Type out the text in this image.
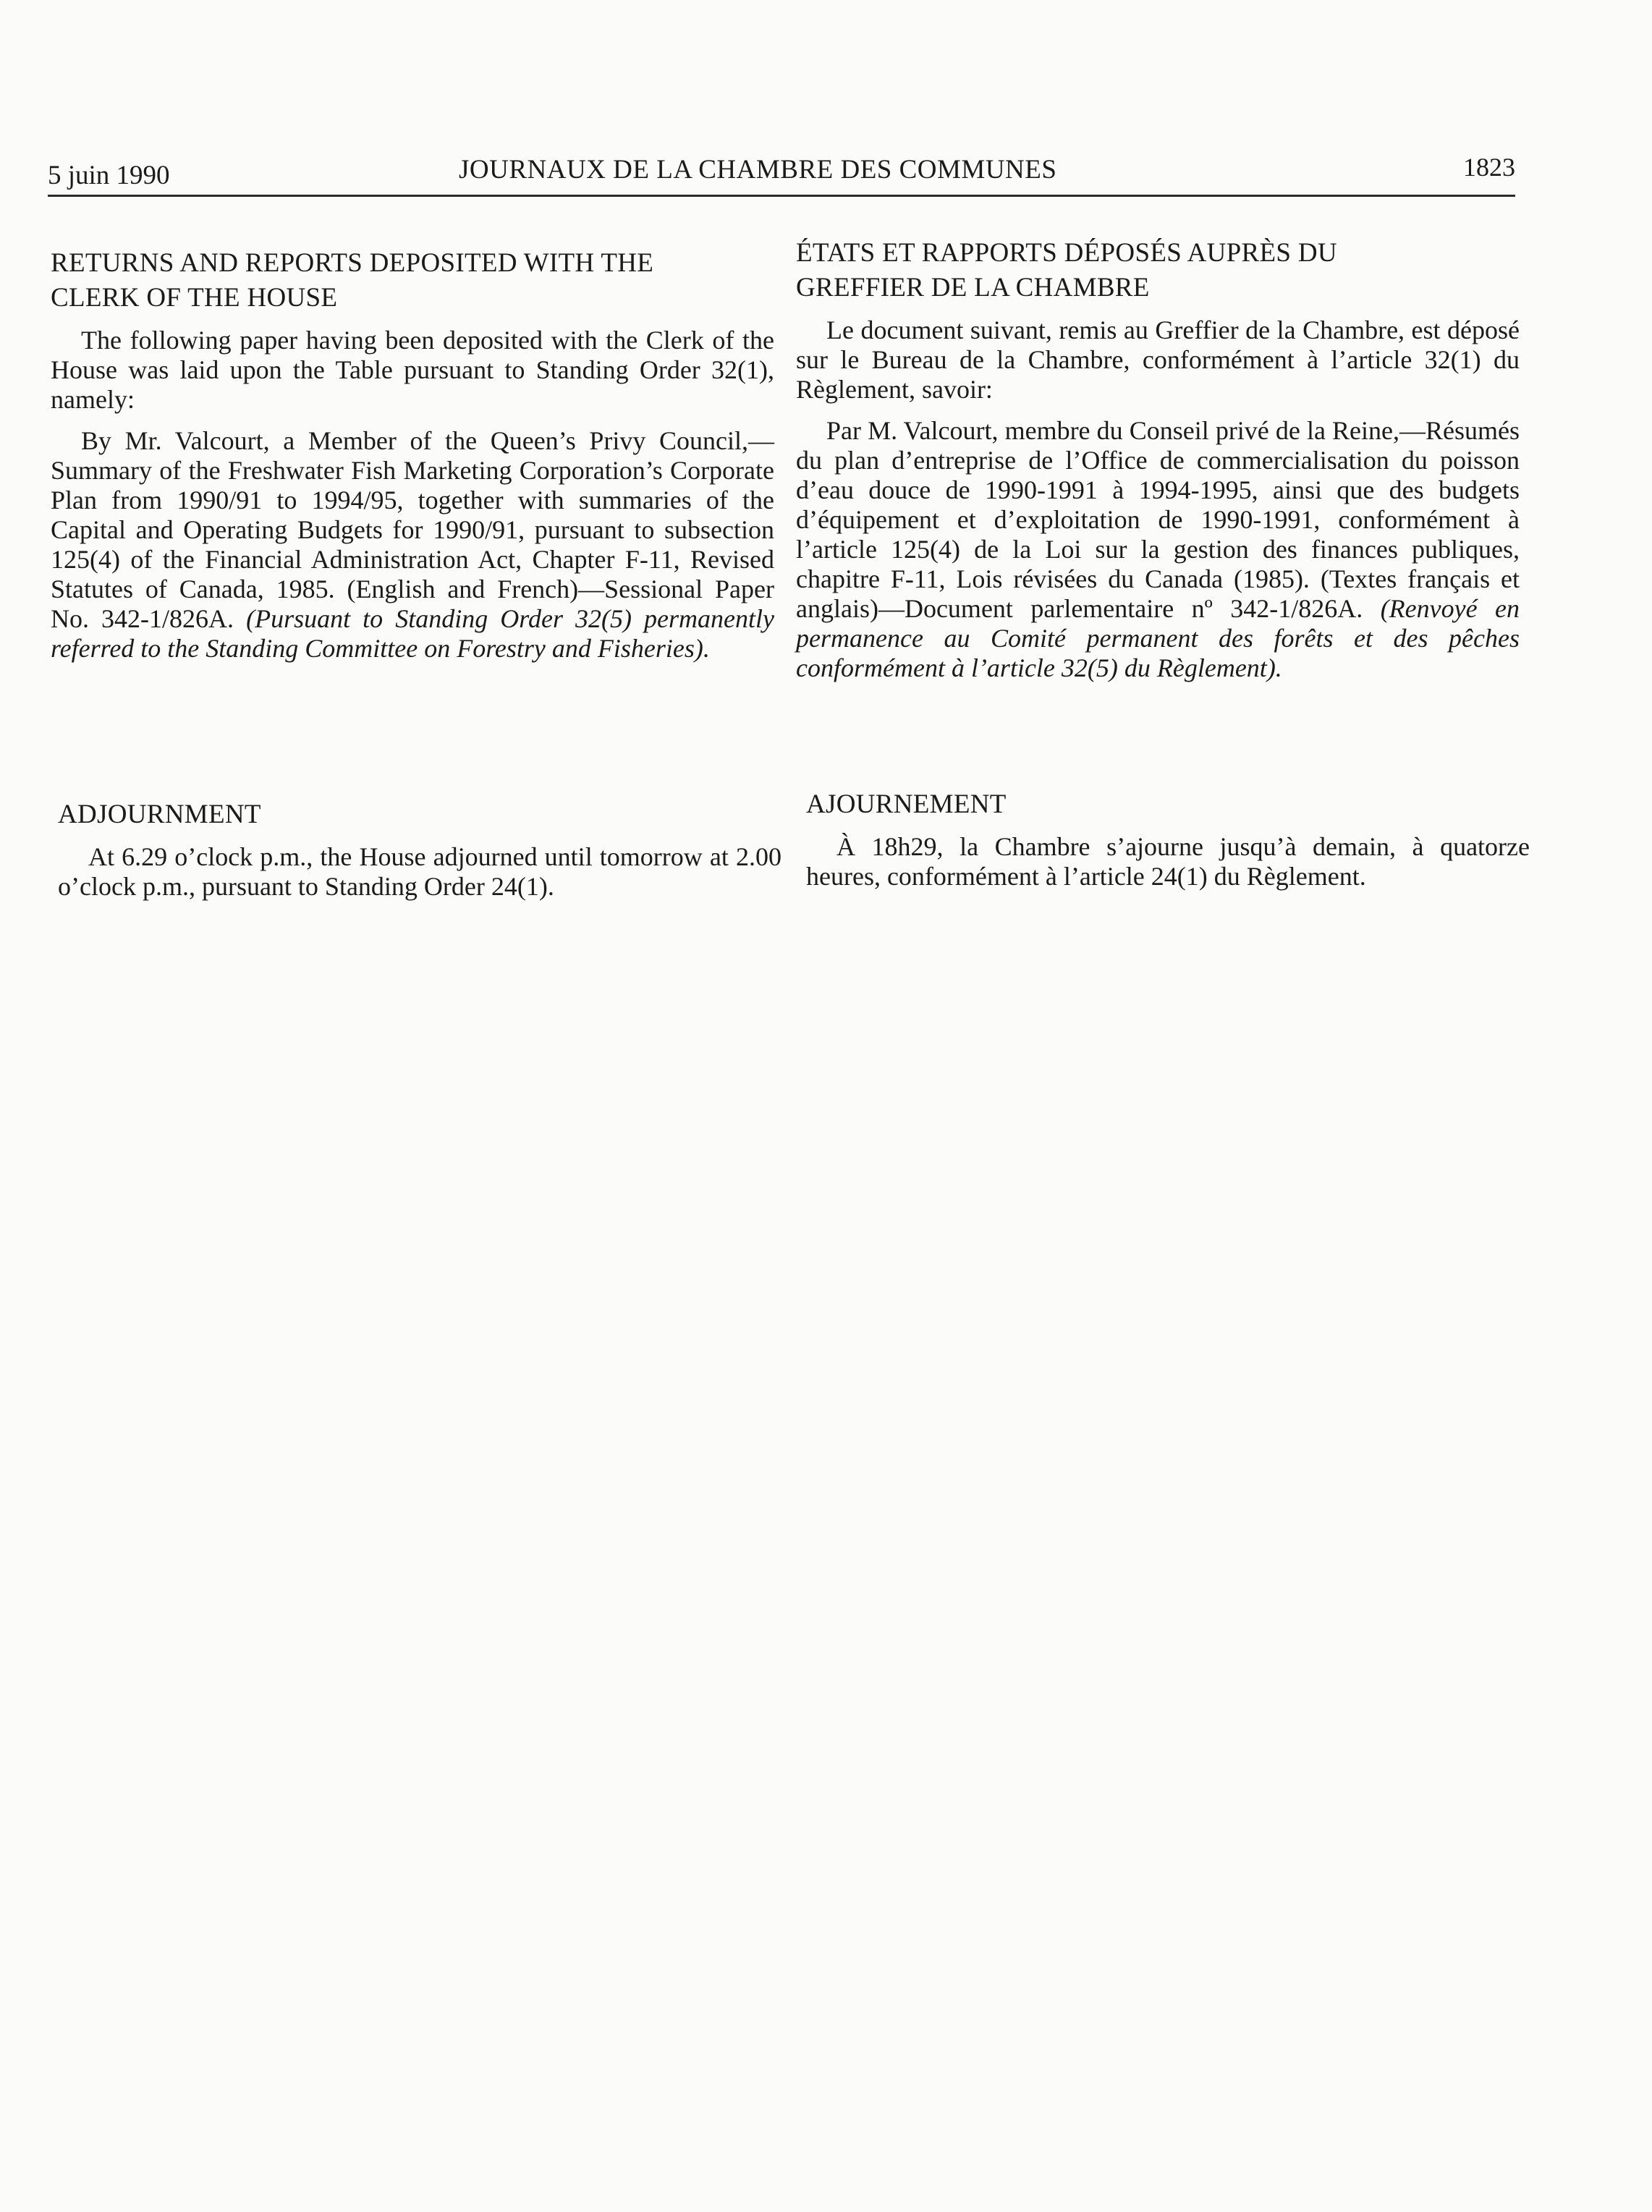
5 juin 1990	JOURNAUX DE LA CHAMBRE DES COMMUNES	1823
RETURNS AND REPORTS DEPOSITED WITH THE
CLERK OF THE HOUSE

The following paper having been deposited with the Clerk of the House was laid upon the Table pursuant to Standing Order 32(1), namely:

By Mr. Valcourt, a Member of the Queen’s Privy Council,—Summary of the Freshwater Fish Marketing Corporation’s Corporate Plan from 1990/91 to 1994/95, together with summaries of the Capital and Operating Budgets for 1990/91, pursuant to subsection 125(4) of the Financial Administration Act, Chapter F-11, Revised Statutes of Canada, 1985. (English and French)—Sessional Paper No. 342-1/826A. (Pursuant to Standing Order 32(5) permanently referred to the Standing Committee on Forestry and Fisheries).

ÉTATS ET RAPPORTS DÉPOSÉS AUPRÈS DU
GREFFIER DE LA CHAMBRE

Le document suivant, remis au Greffier de la Chambre, est déposé sur le Bureau de la Chambre, conformément à l’article 32(1) du Règlement, savoir:

Par M. Valcourt, membre du Conseil privé de la Reine,—Résumés du plan d’entreprise de l’Office de commercialisation du poisson d’eau douce de 1990-1991 à 1994-1995, ainsi que des budgets d’équipement et d’exploitation de 1990-1991, conformément à l’article 125(4) de la Loi sur la gestion des finances publiques, chapitre F-11, Lois révisées du Canada (1985). (Textes français et anglais)—Document parlementaire nº 342-1/826A. (Renvoyé en permanence au Comité permanent des forêts et des pêches conformément à l’article 32(5) du Règlement).

ADJOURNMENT

At 6.29 o’clock p.m., the House adjourned until tomorrow at 2.00 o’clock p.m., pursuant to Standing Order 24(1).

AJOURNEMENT

À 18h29, la Chambre s’ajourne jusqu’à demain, à quatorze heures, conformément à l’article 24(1) du Règlement.
